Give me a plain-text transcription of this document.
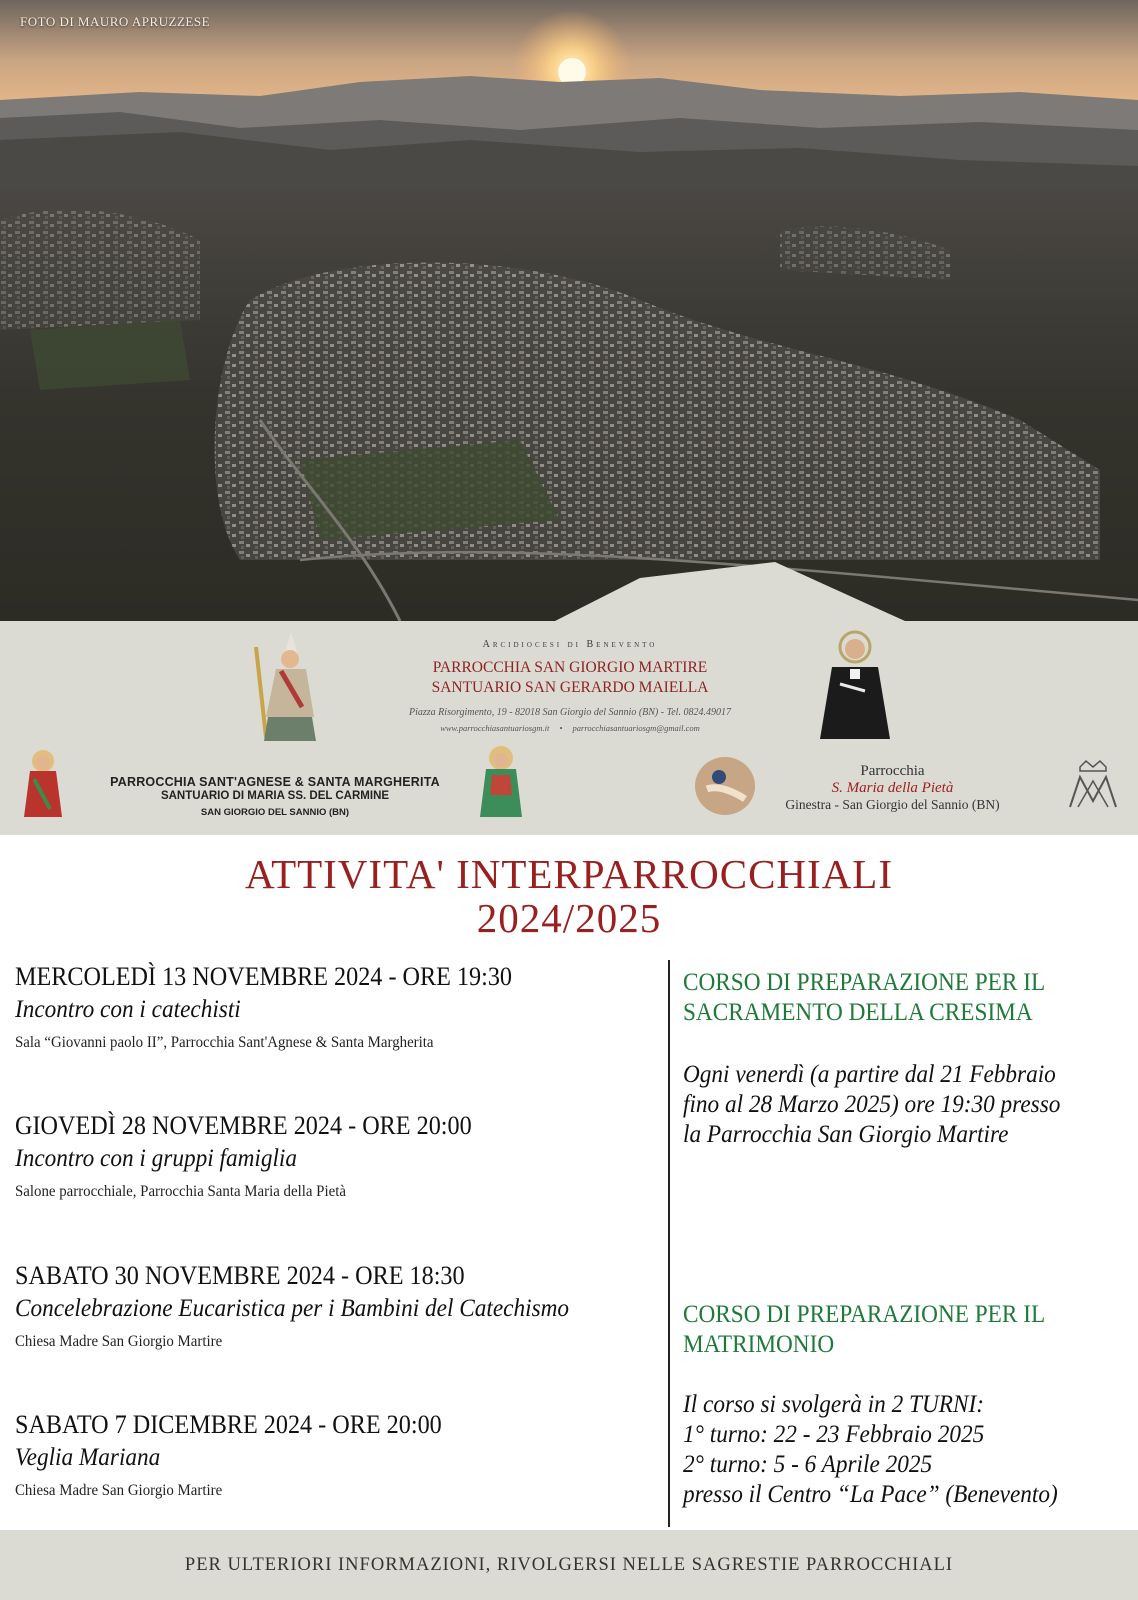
FOTO DI MAURO APRUZZESE
Arcidiocesi di Benevento
PARROCCHIA SAN GIORGIO MARTIRE
SANTUARIO SAN GERARDO MAIELLA
Piazza Risorgimento, 19 - 82018 San Giorgio del Sannio (BN) - Tel. 0824.49017
www.parrocchiasantuariosgm.it • parrocchiasantuariosgm@gmail.com
PARROCCHIA SANT'AGNESE & SANTA MARGHERITA
SANTUARIO DI MARIA SS. DEL CARMINE
SAN GIORGIO DEL SANNIO (BN)
Parrocchia
S. Maria della Pietà
Ginestra - San Giorgio del Sannio (BN)
ATTIVITA' INTERPARROCCHIALI
2024/2025
MERCOLEDÌ 13 NOVEMBRE 2024 - ORE 19:30
Incontro con i catechisti
Sala “Giovanni paolo II”, Parrocchia Sant'Agnese & Santa Margherita
GIOVEDÌ 28 NOVEMBRE 2024 - ORE 20:00
Incontro con i gruppi famiglia
Salone parrocchiale, Parrocchia Santa Maria della Pietà
SABATO 30 NOVEMBRE 2024 - ORE 18:30
Concelebrazione Eucaristica per i Bambini del Catechismo
Chiesa Madre San Giorgio Martire
SABATO 7 DICEMBRE 2024 - ORE 20:00
Veglia Mariana
Chiesa Madre San Giorgio Martire
CORSO DI PREPARAZIONE PER IL
SACRAMENTO DELLA CRESIMA

Ogni venerdì (a partire dal 21 Febbraio

fino al 28 Marzo 2025) ore 19:30 presso

la Parrocchia San Giorgio Martire

CORSO DI PREPARAZIONE PER IL
MATRIMONIO

Il corso si svolgerà in 2 TURNI:

1° turno: 22 - 23 Febbraio 2025

2° turno: 5 - 6 Aprile 2025

presso il Centro “La Pace” (Benevento)

PER ULTERIORI INFORMAZIONI, RIVOLGERSI NELLE SAGRESTIE PARROCCHIALI
